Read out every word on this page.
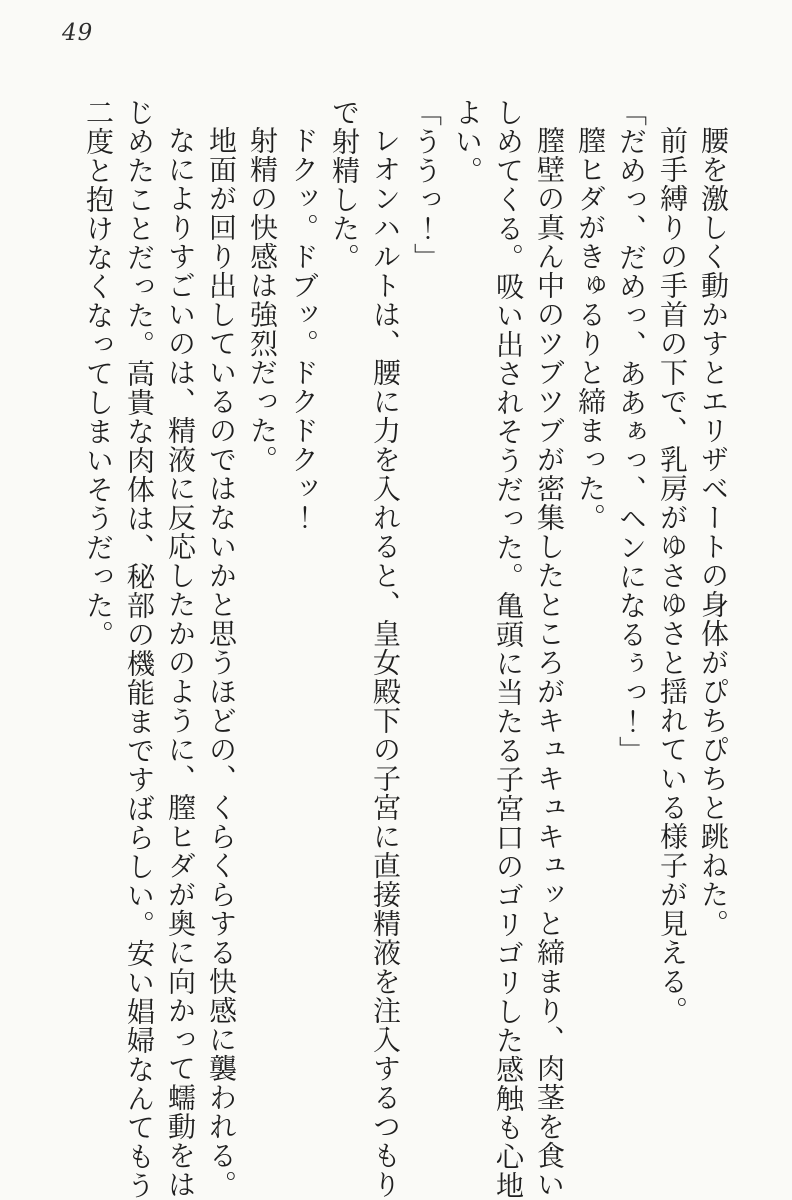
49

腰を激しく動かすとエリザベートの身体がぴちぴちと跳ねた。

前手縛りの手首の下で、乳房がゆさゆさと揺れている様子が見える。

「だめっ、だめっ、ああぁっ、ヘンになるぅっ！」

膣ヒダがきゅるりと締まった。

膣壁の真ん中のツブツブが密集したところがキュキュキュッと締まり、肉茎を食い

しめてくる。吸い出されそうだった。亀頭に当たる子宮口のゴリゴリした感触も心地

よい。

「ううっ！」

レオンハルトは、腰に力を入れると、皇女殿下の子宮に直接精液を注入するつもり

で射精した。

ドクッ。ドブッ。ドクドクッ！

射精の快感は強烈だった。

地面が回り出しているのではないかと思うほどの、くらくらする快感に襲われる。

なによりすごいのは、精液に反応したかのように、膣ヒダが奥に向かって蠕動をは

じめたことだった。高貴な肉体は、秘部の機能まですばらしい。安い娼婦なんてもう

二度と抱けなくなってしまいそうだった。
